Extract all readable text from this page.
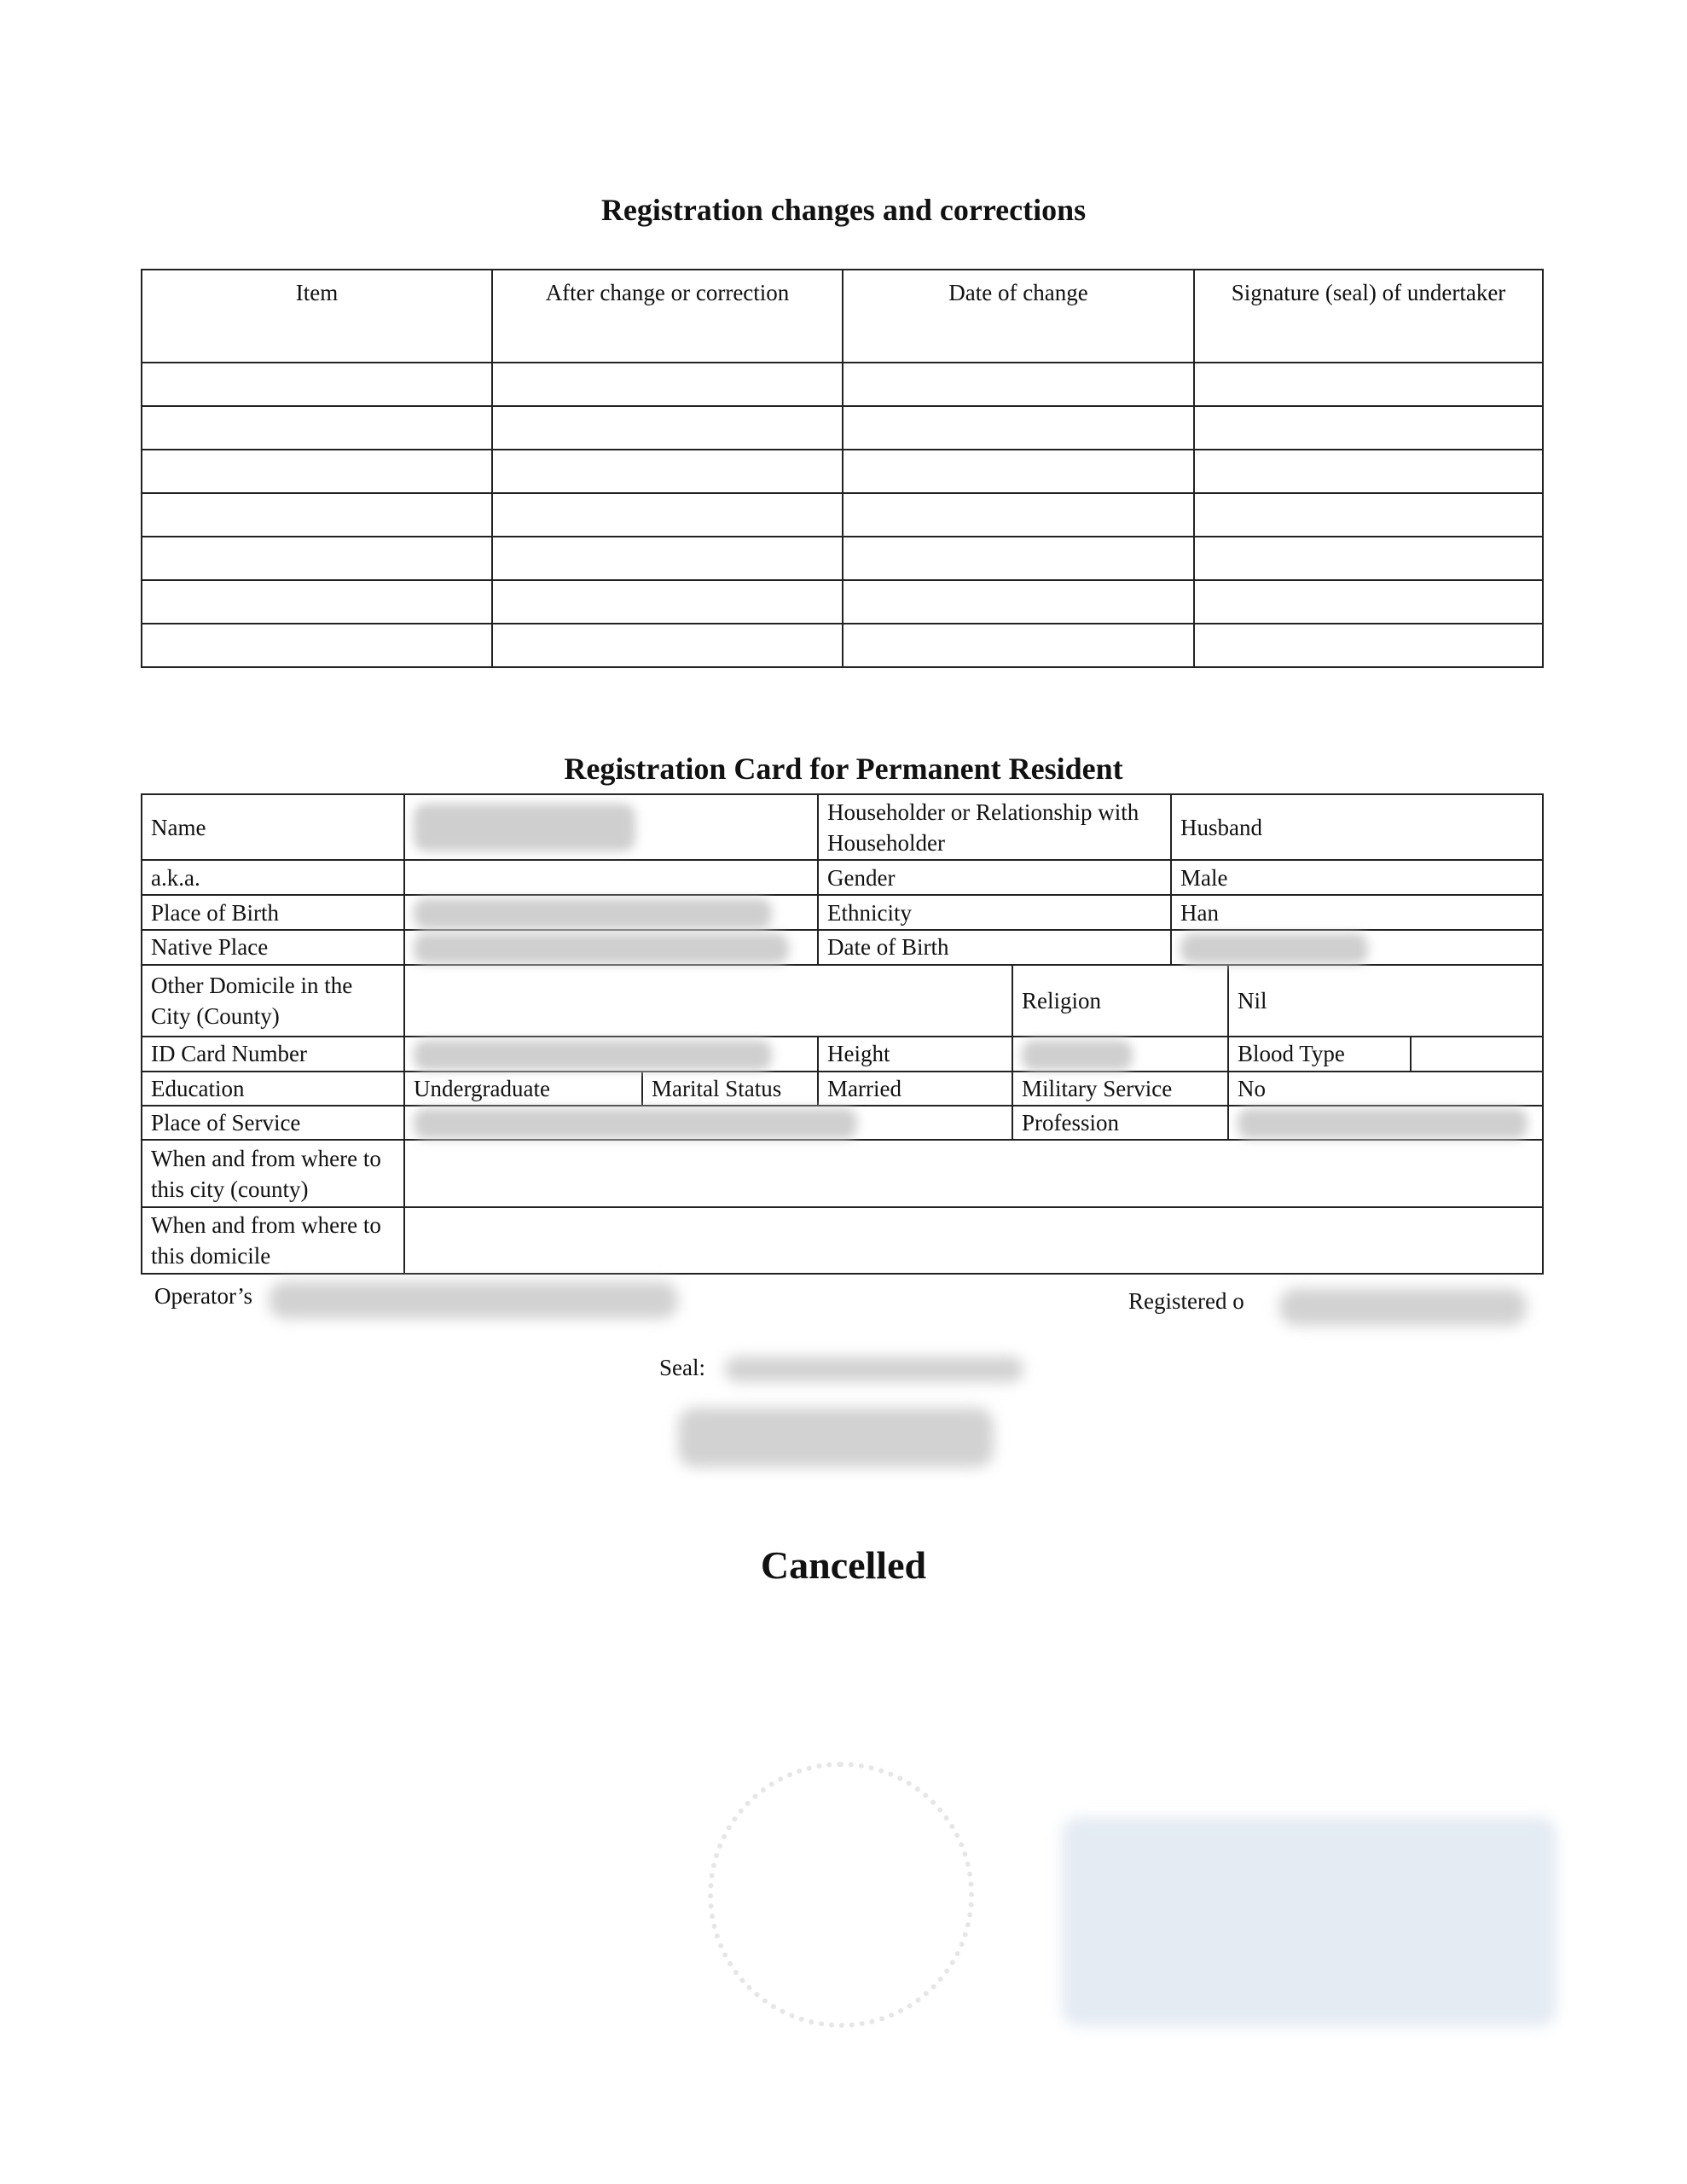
Registration changes and corrections
Item	After change or correction	Date of change	Signature (seal) of undertaker

Registration Card for Permanent Resident
Name			Householder or Relationship with Householder		Husband		
a.k.a.			Gender		Male		
Place of Birth			Ethnicity		Han		
Native Place			Date of Birth				
Other Domicile in the City (County)				Religion		Nil	
ID Card Number			Height			Blood Type	
Education	Undergraduate	Marital Status	Married	Military Service		No	
Place of Service				Profession			
When and from where to this city (county)							
When and from where to this domicile							
Operator’s	Registered o
Seal:
Cancelled
